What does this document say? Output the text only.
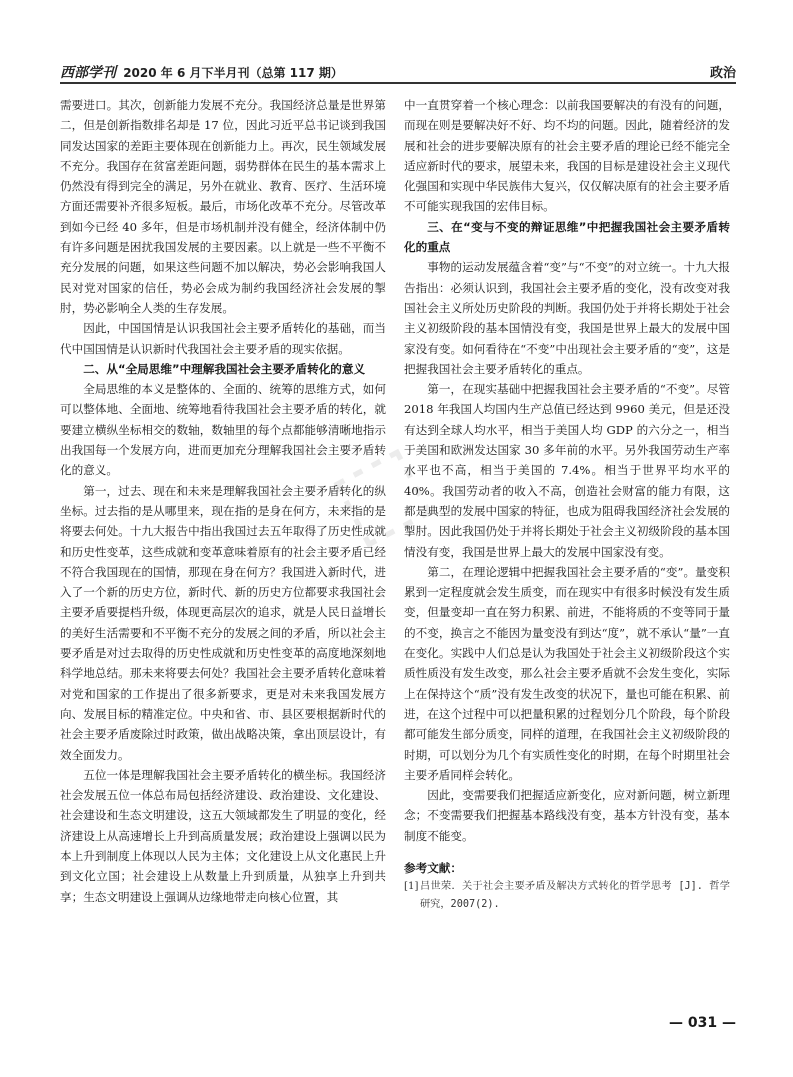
西部学刊 2020 年 6 月下半月刊（总第 117 期）	政治
⬚

需要进口。其次，创新能力发展不充分。我国经济总量是世界第二，但是创新指数排名却是 17 位，因此习近平总书记谈到我国同发达国家的差距主要体现在创新能力上。再次，民生领域发展不充分。我国存在贫富差距问题，弱势群体在民生的基本需求上仍然没有得到完全的满足，另外在就业、教育、医疗、生活环境方面还需要补齐很多短板。最后，市场化改革不充分。尽管改革到如今已经 40 多年，但是市场机制并没有健全，经济体制中仍有许多问题是困扰我国发展的主要因素。以上就是一些不平衡不充分发展的问题，如果这些问题不加以解决，势必会影响我国人民对党对国家的信任，势必会成为制约我国经济社会发展的掣肘，势必影响全人类的生存发展。

因此，中国国情是认识我国社会主要矛盾转化的基础，而当代中国国情是认识新时代我国社会主要矛盾的现实依据。

二、从“全局思维”中理解我国社会主要矛盾转化的意义

全局思维的本义是整体的、全面的、统筹的思维方式，如何可以整体地、全面地、统筹地看待我国社会主要矛盾的转化，就要建立横纵坐标相交的数轴，数轴里的每个点都能够清晰地指示出我国每一个发展方向，进而更加充分理解我国社会主要矛盾转化的意义。

第一，过去、现在和未来是理解我国社会主要矛盾转化的纵坐标。过去指的是从哪里来，现在指的是身在何方，未来指的是将要去何处。十九大报告中指出我国过去五年取得了历史性成就和历史性变革，这些成就和变革意味着原有的社会主要矛盾已经不符合我国现在的国情，那现在身在何方？我国进入新时代，进入了一个新的历史方位，新时代、新的历史方位都要求我国社会主要矛盾要提档升级，体现更高层次的追求，就是人民日益增长的美好生活需要和不平衡不充分的发展之间的矛盾，所以社会主要矛盾是对过去取得的历史性成就和历史性变革的高度地深刻地科学地总结。那未来将要去何处？我国社会主要矛盾转化意味着对党和国家的工作提出了很多新要求，更是对未来我国发展方向、发展目标的精准定位。中央和省、市、县区要根据新时代的社会主要矛盾废除过时政策，做出战略决策，拿出顶层设计，有效全面发力。

五位一体是理解我国社会主要矛盾转化的横坐标。我国经济社会发展五位一体总布局包括经济建设、政治建设、文化建设、社会建设和生态文明建设，这五大领域都发生了明显的变化，经济建设上从高速增长上升到高质量发展；政治建设上强调以民为本上升到制度上体现以人民为主体；文化建设上从文化惠民上升到文化立国；社会建设上从数量上升到质量，从独享上升到共享；生态文明建设上强调从边缘地带走向核心位置，其

中一直贯穿着一个核心理念：以前我国要解决的有没有的问题，而现在则是要解决好不好、均不均的问题。因此，随着经济的发展和社会的进步要解决原有的社会主要矛盾的理论已经不能完全适应新时代的要求，展望未来，我国的目标是建设社会主义现代化强国和实现中华民族伟大复兴，仅仅解决原有的社会主要矛盾不可能实现我国的宏伟目标。

三、在“变与不变的辩证思维”中把握我国社会主要矛盾转化的重点

事物的运动发展蕴含着“变”与“不变”的对立统一。十九大报告指出：必须认识到，我国社会主要矛盾的变化，没有改变对我国社会主义所处历史阶段的判断。我国仍处于并将长期处于社会主义初级阶段的基本国情没有变，我国是世界上最大的发展中国家没有变。如何看待在“不变”中出现社会主要矛盾的“变”，这是把握我国社会主要矛盾转化的重点。

第一，在现实基础中把握我国社会主要矛盾的“不变”。尽管 2018 年我国人均国内生产总值已经达到 9960 美元，但是还没有达到全球人均水平，相当于美国人均 GDP 的六分之一，相当于美国和欧洲发达国家 30 多年前的水平。另外我国劳动生产率水平也不高，相当于美国的 7.4%。相当于世界平均水平的 40%。我国劳动者的收入不高，创造社会财富的能力有限，这都是典型的发展中国家的特征，也成为阻碍我国经济社会发展的掣肘。因此我国仍处于并将长期处于社会主义初级阶段的基本国情没有变，我国是世界上最大的发展中国家没有变。

第二，在理论逻辑中把握我国社会主要矛盾的“变”。量变积累到一定程度就会发生质变，而在现实中有很多时候没有发生质变，但量变却一直在努力积累、前进，不能将质的不变等同于量的不变，换言之不能因为量变没有到达“度”，就不承认“量”一直在变化。实践中人们总是认为我国处于社会主义初级阶段这个实质性质没有发生改变，那么社会主要矛盾就不会发生变化，实际上在保持这个“质”没有发生改变的状况下，量也可能在积累、前进，在这个过程中可以把量积累的过程划分几个阶段，每个阶段都可能发生部分质变，同样的道理，在我国社会主义初级阶段的时期，可以划分为几个有实质性变化的时期，在每个时期里社会主要矛盾同样会转化。

因此，变需要我们把握适应新变化，应对新问题，树立新理念；不变需要我们把握基本路线没有变，基本方针没有变，基本制度不能变。

参考文献：

[1] 吕世荣．关于社会主要矛盾及解决方式转化的哲学思考 [J]. 哲学研究，2007(2).

— 031 —
